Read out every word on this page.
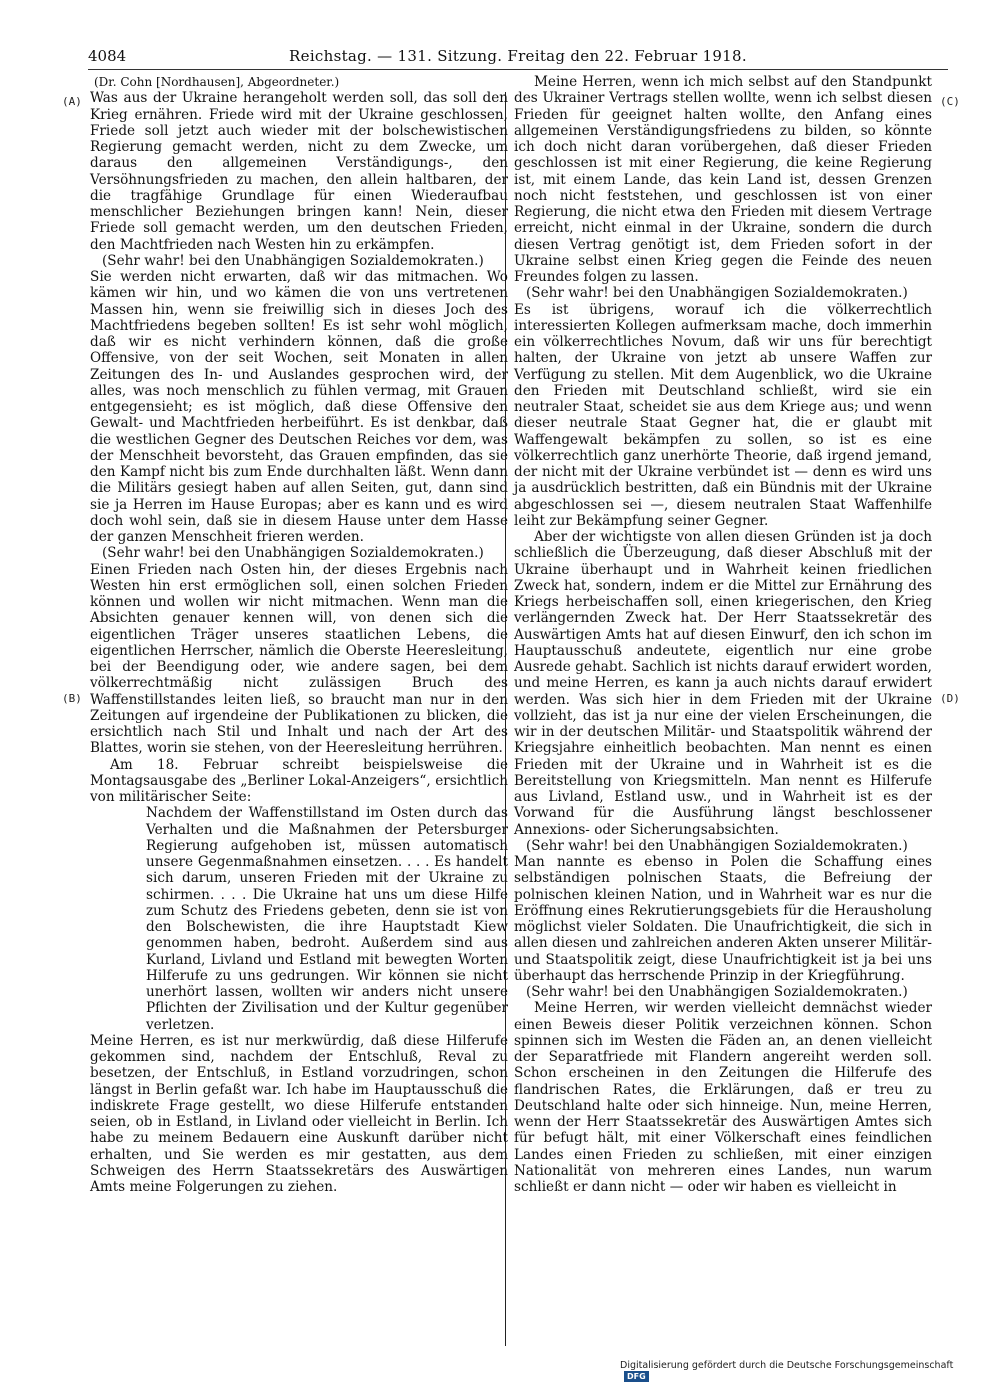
4084	Reichstag. — 131. Sitzung. Freitag den 22. Februar 1918.
(A)
(B)
(C)
(D)

(Dr. Cohn [Nordhausen], Abgeordneter.)

Was aus der Ukraine herangeholt werden soll, das soll den Krieg ernähren. Friede wird mit der Ukraine geschlossen, Friede soll jetzt auch wieder mit der bolschewistischen Regierung gemacht werden, nicht zu dem Zwecke, um daraus den allgemeinen Verständigungs-, den Versöhnungsfrieden zu machen, den allein haltbaren, der die tragfähige Grundlage für einen Wiederaufbau menschlicher Beziehungen bringen kann! Nein, dieser Friede soll gemacht werden, um den deutschen Frieden, den Machtfrieden nach Westen hin zu erkämpfen.

(Sehr wahr! bei den Unabhängigen Sozialdemokraten.)

Sie werden nicht erwarten, daß wir das mitmachen. Wo kämen wir hin, und wo kämen die von uns vertretenen Massen hin, wenn sie freiwillig sich in dieses Joch des Machtfriedens begeben sollten! Es ist sehr wohl möglich, daß wir es nicht verhindern können, daß die große Offensive, von der seit Wochen, seit Monaten in allen Zeitungen des In- und Auslandes gesprochen wird, der alles, was noch menschlich zu fühlen vermag, mit Grauen entgegensieht; es ist möglich, daß diese Offensive den Gewalt- und Machtfrieden herbeiführt. Es ist denkbar, daß die westlichen Gegner des Deutschen Reiches vor dem, was der Menschheit bevorsteht, das Grauen empfinden, das sie den Kampf nicht bis zum Ende durchhalten läßt. Wenn dann die Militärs gesiegt haben auf allen Seiten, gut, dann sind sie ja Herren im Hause Europas; aber es kann und es wird doch wohl sein, daß sie in diesem Hause unter dem Hasse der ganzen Menschheit frieren werden.

(Sehr wahr! bei den Unabhängigen Sozialdemokraten.)

Einen Frieden nach Osten hin, der dieses Ergebnis nach Westen hin erst ermöglichen soll, einen solchen Frieden können und wollen wir nicht mitmachen. Wenn man die Absichten genauer kennen will, von denen sich die eigentlichen Träger unseres staatlichen Lebens, die eigentlichen Herrscher, nämlich die Oberste Heeresleitung, bei der Beendigung oder, wie andere sagen, bei dem völkerrechtmäßig nicht zulässigen Bruch des Waffenstillstandes leiten ließ, so braucht man nur in den Zeitungen auf irgendeine der Publikationen zu blicken, die ersichtlich nach Stil und Inhalt und nach der Art des Blattes, worin sie stehen, von der Heeresleitung herrühren.

Am 18. Februar schreibt beispielsweise die Montagsausgabe des „Berliner Lokal-Anzeigers“, ersichtlich von militärischer Seite:

Nachdem der Waffenstillstand im Osten durch das Verhalten und die Maßnahmen der Petersburger Regierung aufgehoben ist, müssen automatisch unsere Gegenmaßnahmen einsetzen. . . . Es handelt sich darum, unseren Frieden mit der Ukraine zu schirmen. . . . Die Ukraine hat uns um diese Hilfe zum Schutz des Friedens gebeten, denn sie ist von den Bolschewisten, die ihre Hauptstadt Kiew genommen haben, bedroht. Außerdem sind aus Kurland, Livland und Estland mit bewegten Worten Hilferufe zu uns gedrungen. Wir können sie nicht unerhört lassen, wollten wir anders nicht unsere Pflichten der Zivilisation und der Kultur gegenüber verletzen.

Meine Herren, es ist nur merkwürdig, daß diese Hilferufe gekommen sind, nachdem der Entschluß, Reval zu besetzen, der Entschluß, in Estland vorzudringen, schon längst in Berlin gefaßt war. Ich habe im Hauptausschuß die indiskrete Frage gestellt, wo diese Hilferufe entstanden seien, ob in Estland, in Livland oder vielleicht in Berlin. Ich habe zu meinem Bedauern eine Auskunft darüber nicht erhalten, und Sie werden es mir gestatten, aus dem Schweigen des Herrn Staatssekretärs des Auswärtigen Amts meine Folgerungen zu ziehen.

Meine Herren, wenn ich mich selbst auf den Standpunkt des Ukrainer Vertrags stellen wollte, wenn ich selbst diesen Frieden für geeignet halten wollte, den Anfang eines allgemeinen Verständigungsfriedens zu bilden, so könnte ich doch nicht daran vorübergehen, daß dieser Frieden geschlossen ist mit einer Regierung, die keine Regierung ist, mit einem Lande, das kein Land ist, dessen Grenzen noch nicht feststehen, und geschlossen ist von einer Regierung, die nicht etwa den Frieden mit diesem Vertrage erreicht, nicht einmal in der Ukraine, sondern die durch diesen Vertrag genötigt ist, dem Frieden sofort in der Ukraine selbst einen Krieg gegen die Feinde des neuen Freundes folgen zu lassen.

(Sehr wahr! bei den Unabhängigen Sozialdemokraten.)

Es ist übrigens, worauf ich die völkerrechtlich interessierten Kollegen aufmerksam mache, doch immerhin ein völkerrechtliches Novum, daß wir uns für berechtigt halten, der Ukraine von jetzt ab unsere Waffen zur Verfügung zu stellen. Mit dem Augenblick, wo die Ukraine den Frieden mit Deutschland schließt, wird sie ein neutraler Staat, scheidet sie aus dem Kriege aus; und wenn dieser neutrale Staat Gegner hat, die er glaubt mit Waffengewalt bekämpfen zu sollen, so ist es eine völkerrechtlich ganz unerhörte Theorie, daß irgend jemand, der nicht mit der Ukraine verbündet ist — denn es wird uns ja ausdrücklich bestritten, daß ein Bündnis mit der Ukraine abgeschlossen sei —, diesem neutralen Staat Waffenhilfe leiht zur Bekämpfung seiner Gegner.

Aber der wichtigste von allen diesen Gründen ist ja doch schließlich die Überzeugung, daß dieser Abschluß mit der Ukraine überhaupt und in Wahrheit keinen friedlichen Zweck hat, sondern, indem er die Mittel zur Ernährung des Kriegs herbeischaffen soll, einen kriegerischen, den Krieg verlängernden Zweck hat. Der Herr Staatssekretär des Auswärtigen Amts hat auf diesen Einwurf, den ich schon im Hauptausschuß andeutete, eigentlich nur eine grobe Ausrede gehabt. Sachlich ist nichts darauf erwidert worden, und meine Herren, es kann ja auch nichts darauf erwidert werden. Was sich hier in dem Frieden mit der Ukraine vollzieht, das ist ja nur eine der vielen Erscheinungen, die wir in der deutschen Militär- und Staatspolitik während der Kriegsjahre einheitlich beobachten. Man nennt es einen Frieden mit der Ukraine und in Wahrheit ist es die Bereitstellung von Kriegsmitteln. Man nennt es Hilferufe aus Livland, Estland usw., und in Wahrheit ist es der Vorwand für die Ausführung längst beschlossener Annexions- oder Sicherungsabsichten.

(Sehr wahr! bei den Unabhängigen Sozialdemokraten.)

Man nannte es ebenso in Polen die Schaffung eines selbständigen polnischen Staats, die Befreiung der polnischen kleinen Nation, und in Wahrheit war es nur die Eröffnung eines Rekrutierungsgebiets für die Herausholung möglichst vieler Soldaten. Die Unaufrichtigkeit, die sich in allen diesen und zahlreichen anderen Akten unserer Militär- und Staatspolitik zeigt, diese Unaufrichtigkeit ist ja bei uns überhaupt das herrschende Prinzip in der Kriegführung.

(Sehr wahr! bei den Unabhängigen Sozialdemokraten.)

Meine Herren, wir werden vielleicht demnächst wieder einen Beweis dieser Politik verzeichnen können. Schon spinnen sich im Westen die Fäden an, an denen vielleicht der Separatfriede mit Flandern angereiht werden soll. Schon erscheinen in den Zeitungen die Hilferufe des flandrischen Rates, die Erklärungen, daß er treu zu Deutschland halte oder sich hinneige. Nun, meine Herren, wenn der Herr Staatssekretär des Auswärtigen Amtes sich für befugt hält, mit einer Völkerschaft eines feindlichen Landes einen Frieden zu schließen, mit einer einzigen Nationalität von mehreren eines Landes, nun warum schließt er dann nicht — oder wir haben es vielleicht in

Digitalisierung gefördert durch die Deutsche Forschungsgemeinschaft DFG
